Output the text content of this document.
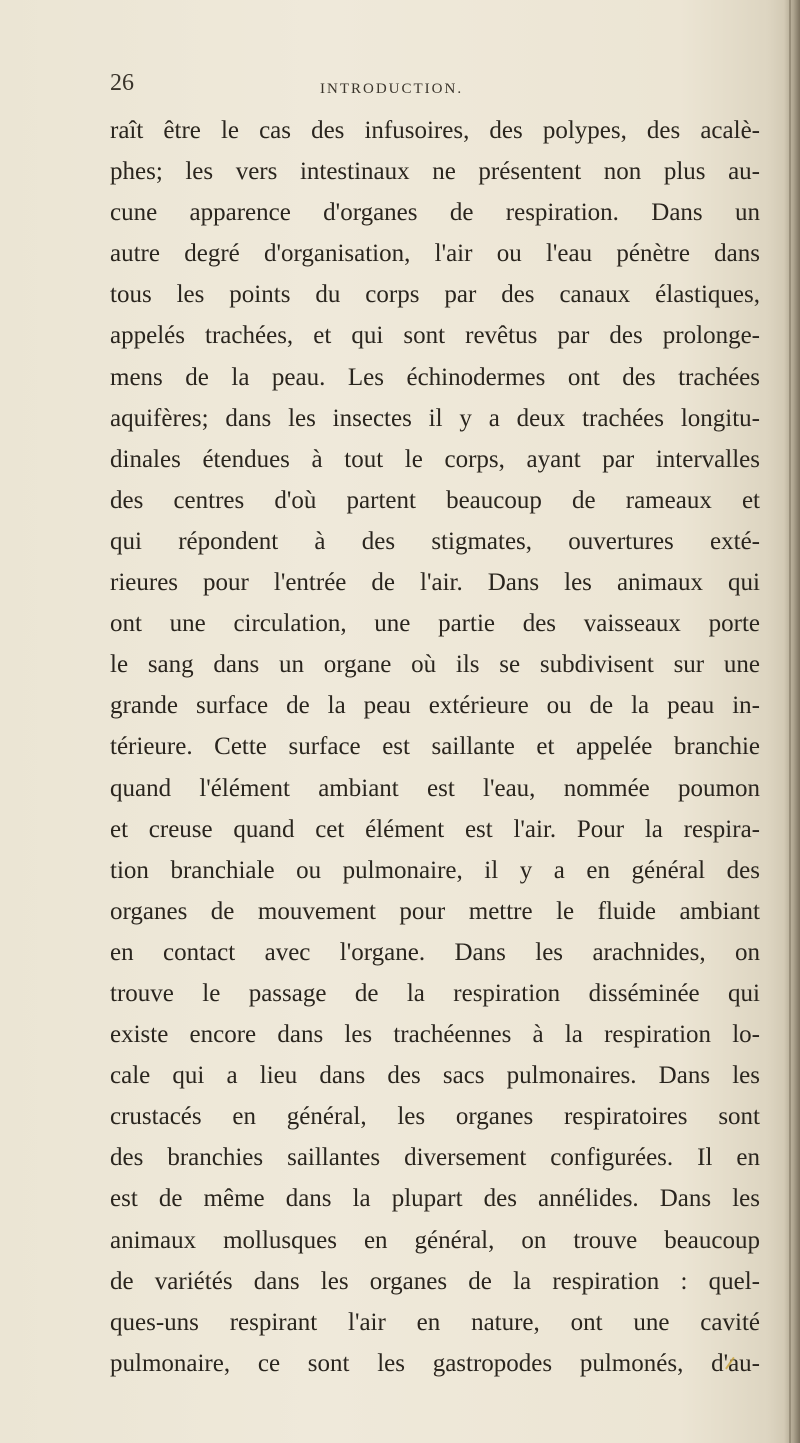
26	INTRODUCTION.
raît être le cas des infusoires, des polypes, des acalè-
phes; les vers intestinaux ne présentent non plus au-
cune apparence d'organes de respiration. Dans un
autre degré d'organisation, l'air ou l'eau pénètre dans
tous les points du corps par des canaux élastiques,
appelés trachées, et qui sont revêtus par des prolonge-
mens de la peau. Les échinodermes ont des trachées
aquifères; dans les insectes il y a deux trachées longitu-
dinales étendues à tout le corps, ayant par intervalles
des centres d'où partent beaucoup de rameaux et
qui répondent à des stigmates, ouvertures exté-
rieures pour l'entrée de l'air. Dans les animaux qui
ont une circulation, une partie des vaisseaux porte
le sang dans un organe où ils se subdivisent sur une
grande surface de la peau extérieure ou de la peau in-
térieure. Cette surface est saillante et appelée branchie
quand l'élément ambiant est l'eau, nommée poumon
et creuse quand cet élément est l'air. Pour la respira-
tion branchiale ou pulmonaire, il y a en général des
organes de mouvement pour mettre le fluide ambiant
en contact avec l'organe. Dans les arachnides, on
trouve le passage de la respiration disséminée qui
existe encore dans les trachéennes à la respiration lo-
cale qui a lieu dans des sacs pulmonaires. Dans les
crustacés en général, les organes respiratoires sont
des branchies saillantes diversement configurées. Il en
est de même dans la plupart des annélides. Dans les
animaux mollusques en général, on trouve beaucoup
de variétés dans les organes de la respiration : quel-
ques-uns respirant l'air en nature, ont une cavité
pulmonaire, ce sont les gastropodes pulmonés, d'au-
